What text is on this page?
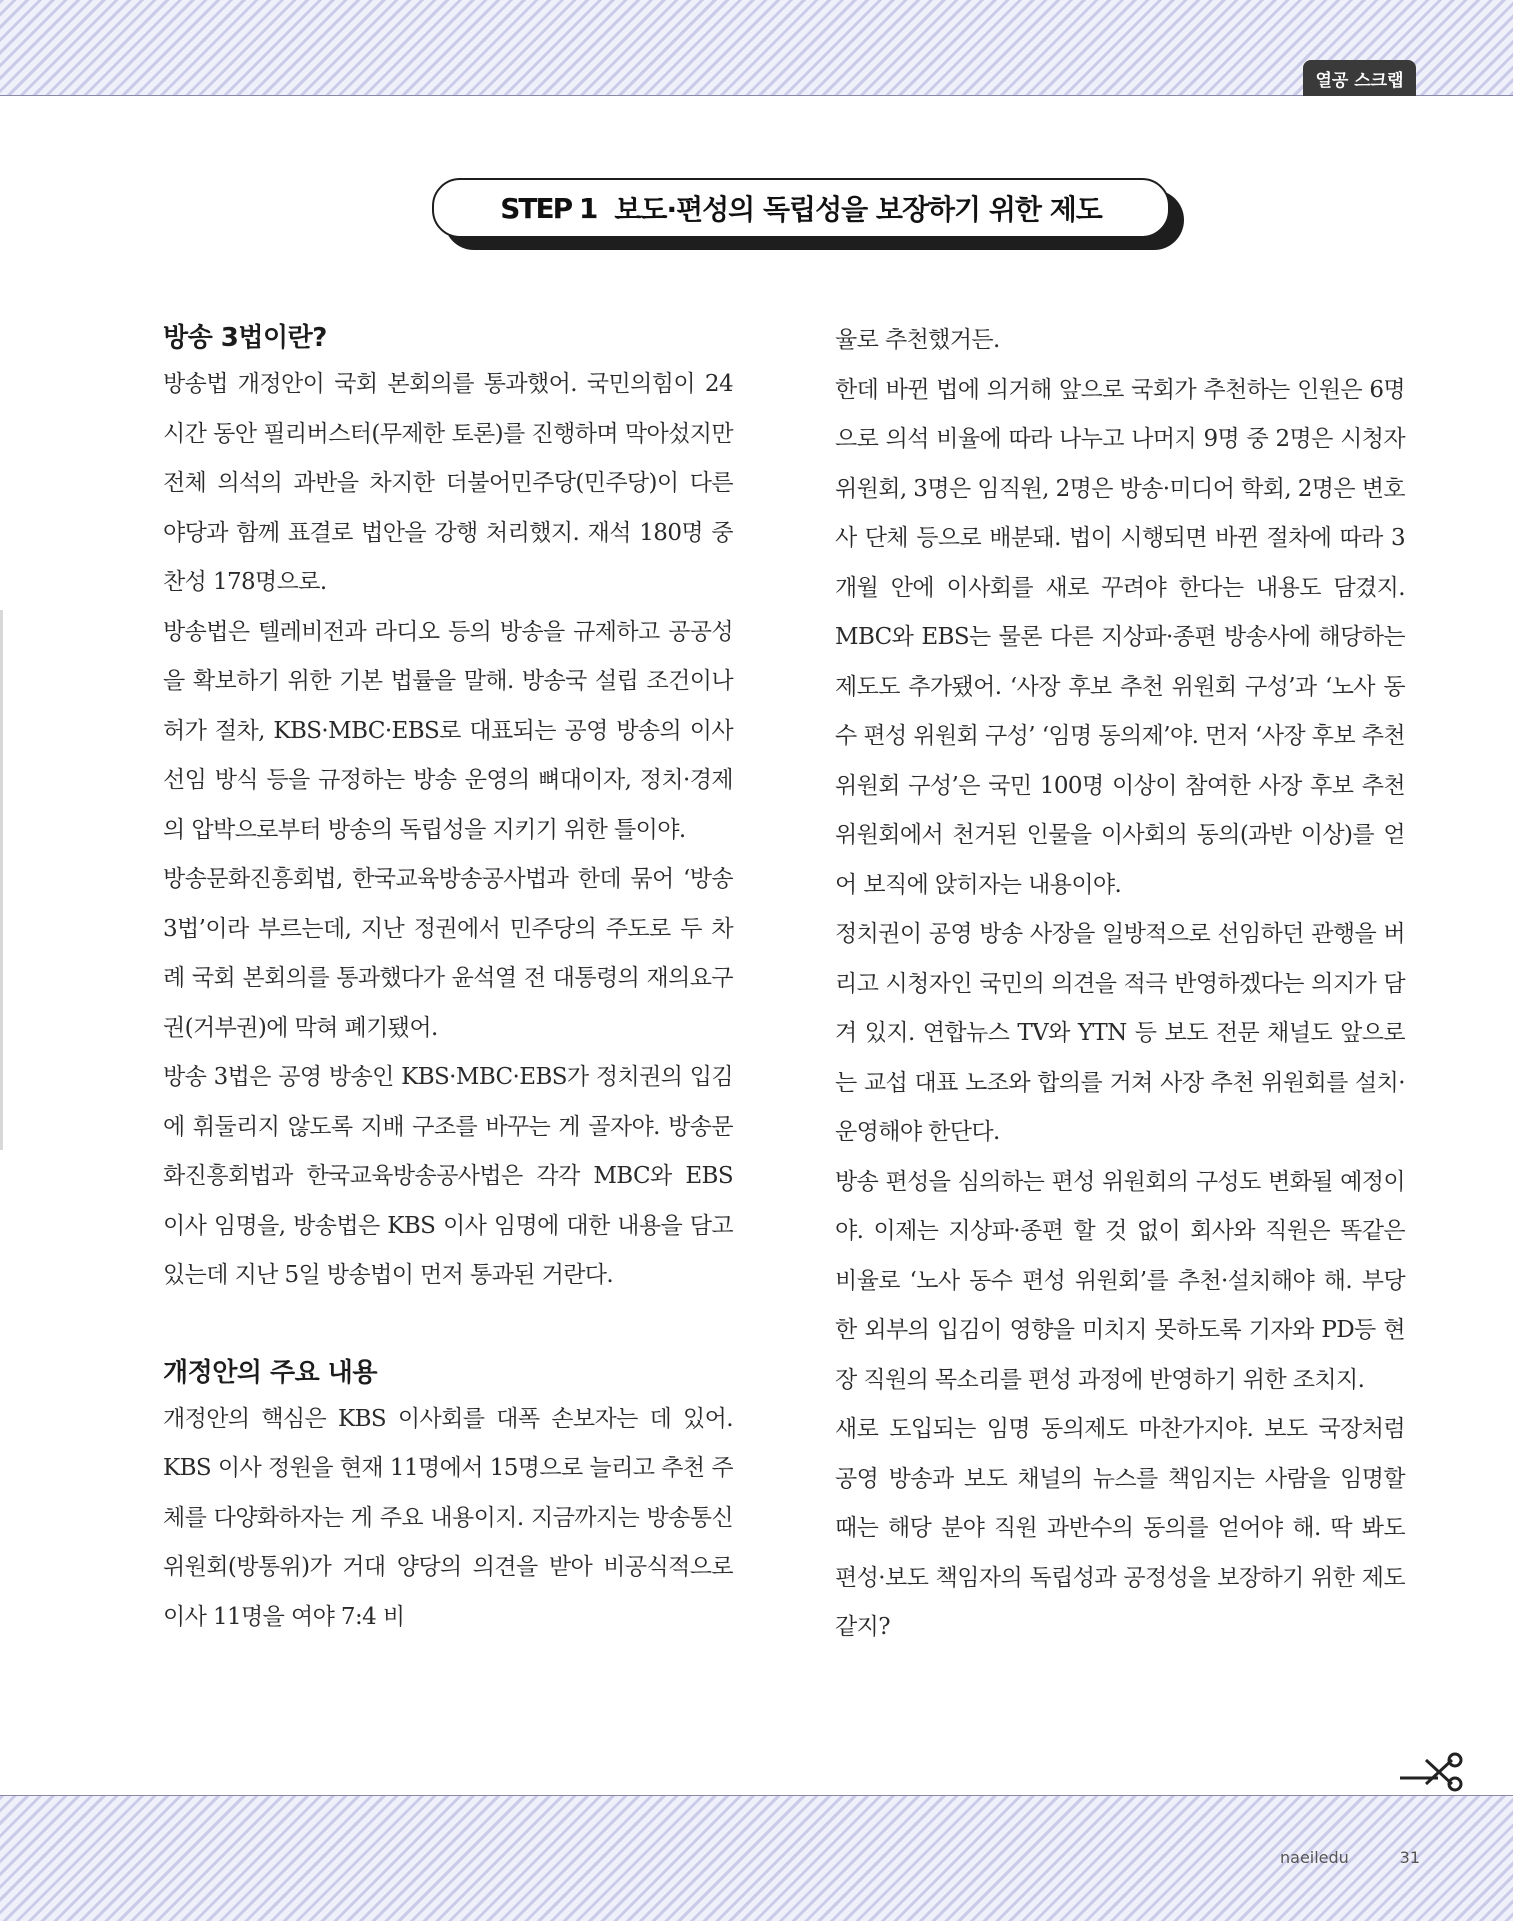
열공 스크랩
STEP 1 보도·편성의 독립성을 보장하기 위한 제도
방송 3법이란?
방송법 개정안이 국회 본회의를 통과했어. 국민의힘이 24시간 동안 필리버스터(무제한 토론)를 진행하며 막아섰지만 전체 의석의 과반을 차지한 더불어민주당(민주당)이 다른 야당과 함께 표결로 법안을 강행 처리했지. 재석 180명 중 찬성 178명으로.
방송법은 텔레비전과 라디오 등의 방송을 규제하고 공공성을 확보하기 위한 기본 법률을 말해. 방송국 설립 조건이나 허가 절차, KBS·MBC·EBS로 대표되는 공영 방송의 이사 선임 방식 등을 규정하는 방송 운영의 뼈대이자, 정치·경제의 압박으로부터 방송의 독립성을 지키기 위한 틀이야.
방송문화진흥회법, 한국교육방송공사법과 한데 묶어 ‘방송 3법’이라 부르는데, 지난 정권에서 민주당의 주도로 두 차례 국회 본회의를 통과했다가 윤석열 전 대통령의 재의요구권(거부권)에 막혀 폐기됐어.
방송 3법은 공영 방송인 KBS·MBC·EBS가 정치권의 입김에 휘둘리지 않도록 지배 구조를 바꾸는 게 골자야. 방송문화진흥회법과 한국교육방송공사법은 각각 MBC와 EBS 이사 임명을, 방송법은 KBS 이사 임명에 대한 내용을 담고 있는데 지난 5일 방송법이 먼저 통과된 거란다.
개정안의 주요 내용
개정안의 핵심은 KBS 이사회를 대폭 손보자는 데 있어. KBS 이사 정원을 현재 11명에서 15명으로 늘리고 추천 주체를 다양화하자는 게 주요 내용이지. 지금까지는 방송통신위원회(방통위)가 거대 양당의 의견을 받아 비공식적으로 이사 11명을 여야 7:4 비
율로 추천했거든.
한데 바뀐 법에 의거해 앞으로 국회가 추천하는 인원은 6명으로 의석 비율에 따라 나누고 나머지 9명 중 2명은 시청자위원회, 3명은 임직원, 2명은 방송·미디어 학회, 2명은 변호사 단체 등으로 배분돼. 법이 시행되면 바뀐 절차에 따라 3개월 안에 이사회를 새로 꾸려야 한다는 내용도 담겼지. MBC와 EBS는 물론 다른 지상파·종편 방송사에 해당하는 제도도 추가됐어. ‘사장 후보 추천 위원회 구성’과 ‘노사 동수 편성 위원회 구성’ ‘임명 동의제’야. 먼저 ‘사장 후보 추천 위원회 구성’은 국민 100명 이상이 참여한 사장 후보 추천 위원회에서 천거된 인물을 이사회의 동의(과반 이상)를 얻어 보직에 앉히자는 내용이야.
정치권이 공영 방송 사장을 일방적으로 선임하던 관행을 버리고 시청자인 국민의 의견을 적극 반영하겠다는 의지가 담겨 있지. 연합뉴스 TV와 YTN 등 보도 전문 채널도 앞으로는 교섭 대표 노조와 합의를 거쳐 사장 추천 위원회를 설치·운영해야 한단다.
방송 편성을 심의하는 편성 위원회의 구성도 변화될 예정이야. 이제는 지상파·종편 할 것 없이 회사와 직원은 똑같은 비율로 ‘노사 동수 편성 위원회’를 추천·설치해야 해. 부당한 외부의 입김이 영향을 미치지 못하도록 기자와 PD등 현장 직원의 목소리를 편성 과정에 반영하기 위한 조치지.
새로 도입되는 임명 동의제도 마찬가지야. 보도 국장처럼 공영 방송과 보도 채널의 뉴스를 책임지는 사람을 임명할 때는 해당 분야 직원 과반수의 동의를 얻어야 해. 딱 봐도 편성·보도 책임자의 독립성과 공정성을 보장하기 위한 제도 같지?
naeiledu	31
